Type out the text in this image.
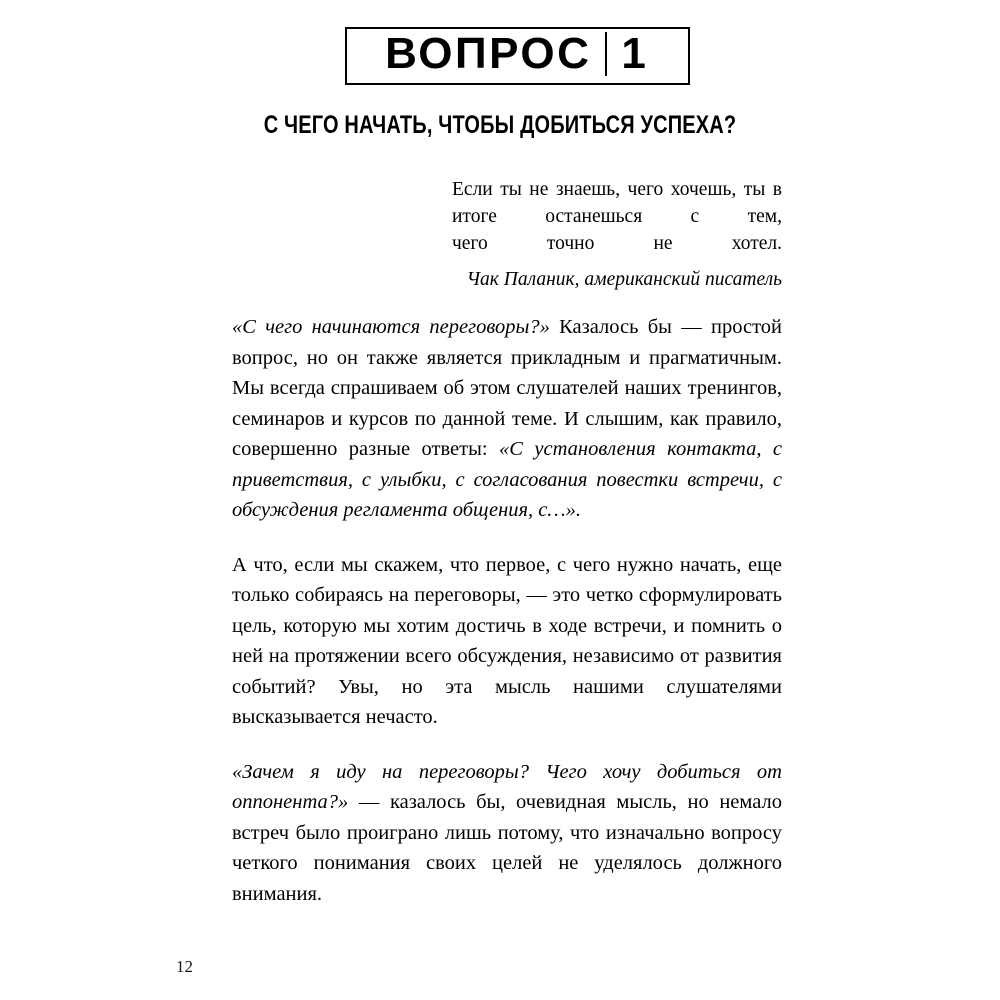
ВОПРОС 1
С ЧЕГО НАЧАТЬ, ЧТОБЫ ДОБИТЬСЯ УСПЕХА?

Если ты не знаешь, чего хочешь, ты в итоге останешься с тем,
чего точно не хотел.

Чак Паланик, американский писатель

«С чего начинаются переговоры?» Казалось бы — простой вопрос, но он также является прикладным и прагматичным. Мы всегда спрашиваем об этом слушателей наших тренингов, семинаров и курсов по данной теме. И слышим, как правило, совершенно разные ответы: «С установления контакта, с приветствия, с улыбки, с согласования повестки встречи, с обсуждения регламента общения, с…».

А что, если мы скажем, что первое, с чего нужно начать, еще только собираясь на переговоры, — это четко сформулировать цель, которую мы хотим достичь в ходе встречи, и помнить о ней на протяжении всего обсуждения, независимо от развития событий? Увы, но эта мысль нашими слушателями высказывается нечасто.

«Зачем я иду на переговоры? Чего хочу добиться от оппонента?» — казалось бы, очевидная мысль, но немало встреч было проиграно лишь потому, что изначально вопросу четкого понимания своих целей не уделялось должного внимания.

12
